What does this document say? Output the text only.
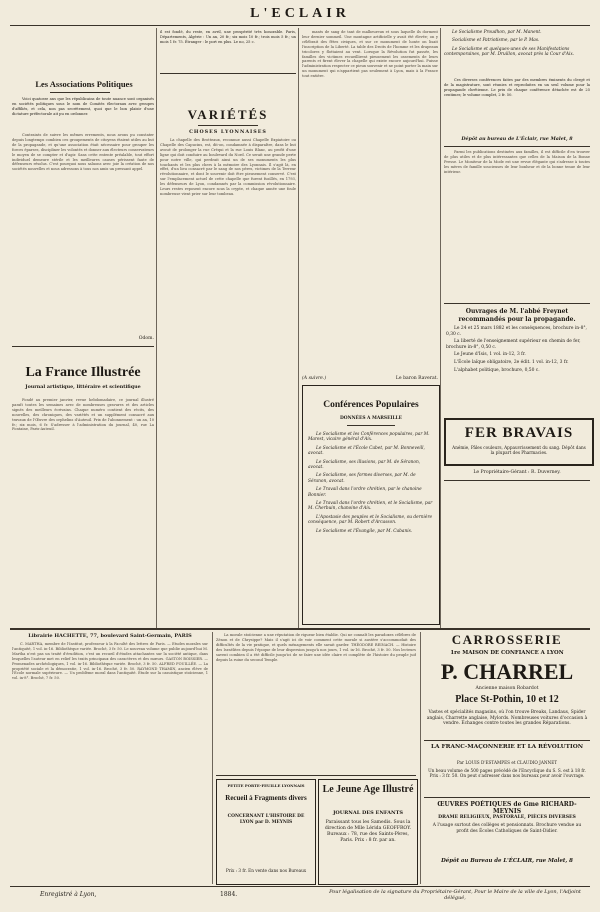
L'ECLAIR
Les Associations Politiques
Voici quatorze ans que les républicains de toute nuance sont organisés en sociétés politiques sous le nom de Comités électoraux avec groupes d'affiliés, et cela, non pas secrètement, quoi que le bon plaisir d'une dictature préfectorale ait pu en ordonner.
Contraints de suivre les mêmes errements, nous avons pu constater depuis longtemps combien ces groupements de citoyens étaient utiles au but de la propagande, et qu'une association était nécessaire pour grouper les forces éparses, discipliner les volontés et donner aux électeurs conservateurs le moyen de se compter et d'agir. Sans cette entente préalable, tout effort individuel demeure stérile et les meilleures causes périssent faute de défenseurs résolus. C'est pourquoi nous saluons avec joie la création de nos sociétés nouvelles et nous adressons à tous nos amis un pressant appel.
Odom.
La France Illustrée
Journal artistique, littéraire et scientifique
Fondé au premier janvier, revue hebdomadaire, ce journal illustré paraît toutes les semaines avec de nombreuses gravures et des articles signés des meilleurs écrivains. Chaque numéro contient des récits, des nouvelles, des chroniques, des variétés et un supplément consacré aux travaux de l'Œuvre des orphelins d'Auteuil. Prix de l'abonnement : un an, 10 fr.; six mois, 6 fr. S'adresser à l'administration du journal, 40, rue La Fontaine, Paris-Auteuil.
il est fondé, du reste, en avril, une prospérité très honorable. Paris, Départements, Algérie : Un an, 20 fr.; six mois 10 fr.; trois mois 5 fr.; un mois 1 fr. 75. Étranger : le port en plus. Le no, 25 c.
VARIÉTÉS
CHOSES LYONNAISES
La chapelle des Brotteaux, reconnue aussi Chapelle Expiatoire ou Chapelle des Capucins, est, dit-on, condamnée à disparaître, dans le but avoué de prolonger la rue Créqui et la rue Louis Blanc, au profit d'une ligne qui doit conduire au boulevard du Nord. Ce serait une grande perte pour notre ville, qui perdrait ainsi un de ses monuments les plus touchants et les plus chers à la mémoire des Lyonnais. Il s'agit là, en effet, d'un lieu consacré par le sang de nos pères, victimes de la Terreur révolutionnaire, et dont le souvenir doit être pieusement conservé. C'est sur l'emplacement actuel de cette chapelle que furent fusillés, en 1793, les défenseurs de Lyon, condamnés par la commission révolutionnaire. Leurs restes reposent encore sous la crypte, et chaque année une foule nombreuse vient prier sur leur tombeau.
mants de sang de tant de malheureux et sous laquelle ils dorment leur dernier sommeil. Une montagne artificielle y avait été élevée; on y célébrait des fêtes civiques, et sur ce monument de honte on lisait l'inscription de la Liberté. La table des Droits de l'homme et les drapeaux tricolores y flottaient au vent. Lorsque la Révolution fut passée, les familles des victimes recueillirent pieusement les ossements de leurs parents et firent élever la chapelle qui existe encore aujourd'hui. Puisse l'administration respecter ce pieux souvenir et ne point porter la main sur un monument qui n'appartient pas seulement à Lyon, mais à la France tout entière.
(A suivre.)	Le baron Raverat.
Conférences Populaires
DONNÉES A MARSEILLE
Le Socialisme et les Conférences populaires, par M. Marest, vicaire général d'Aix.
Le Socialisme et l'École Cabet, par M. Bonneveill, avocat.
Le Socialisme, ses illusions, par M. de Séranon, avocat.
Le Socialisme, ses formes diverses, par M. de Séranon, avocat.
Le Travail dans l'ordre chrétien, par le chanoine Bonnier.
Le Travail dans l'ordre chrétien, et le Socialisme, par M. Cherbuin, chanoine d'Aix.
L'Apostasie des peuples et le Socialisme, ou dernière conséquence, par M. Robert d'Arcasson.
Le Socialisme et l'Évangile, par M. Cabanis.
Le Socialisme Proudhon, par M. Manent.
Socialisme et Patriotisme, par le P. Mas.
Le Socialisme et quelques-unes de ses Manifestations contemporaines, par M. Druillon, avocat près la Cour d'Aix.
Ces diverses conférences faites par des membres éminents du clergé et de la magistrature, sont réunies et reproduites en un seul volume pour la propagande chrétienne. Le prix de chaque conférence détachée est de 25 centimes; le volume complet, 2 fr. 50.
Dépôt au bureau de L'Éclair, rue Malet, 8
Parmi les publications destinées aux familles, il est difficile d'en trouver de plus utiles et de plus intéressantes que celles de la Maison de la Bonne Presse. Le Moniteur de la Mode est une revue élégante qui s'adresse à toutes les mères de famille soucieuses de leur bonheur et de la bonne tenue de leur intérieur.
Ouvrages de M. l'abbé Freynet recommandés pour la propagande.
Le 24 et 25 mars 1882 et les conséquences, brochure in-8°, 0,30 c.
La liberté de l'enseignement supérieur en chemin de fer, brochure in-8°, 0,50 c.
Le Jeune d'Isis, 1 vol. in-12, 3 fr.
L'École laïque obligatoire, 2e édit. 1 vol. in-12, 3 fr.
L'alphabet politique, brochure, 0,50 c.
FER BRAVAIS
Anémie, Pâles couleurs, Appauvrissement du sang. Dépôt dans la plupart des Pharmacies.
Le Propriétaire-Gérant : R. Duverney.
Librairie HACHETTE, 77, boulevard Saint-Germain, PARIS
C. MARTHA, membre de l'Institut, professeur à la Faculté des lettres de Paris. — Études morales sur l'antiquité, 1 vol. in-16. Bibliothèque variée. Broché, 3 fr. 50. Le nouveau volume que publie aujourd'hui M. Martha n'est pas un traité d'érudition, c'est un recueil d'études attachantes sur la société antique, dans lesquelles l'auteur met en relief les traits principaux des caractères et des mœurs. GASTON BOISSIER. — Promenades archéologiques, 1 vol. in-16. Bibliothèque variée. Broché, 3 fr. 50. ALFRED FOUILLÉE. — La propriété sociale et la démocratie, 1 vol. in-16. Broché, 3 fr. 50. RAYMOND THAMIN, ancien élève de l'École normale supérieure. — Un problème moral dans l'antiquité. Étude sur la casuistique stoïcienne, 1 vol. in-8°. Broché, 7 fr. 50.
La morale stoïcienne a une réputation de rigueur bien établie. Qui ne connaît les paradoxes célèbres de Zénon et de Chrysippe? Mais il s'agit ici de voir comment cette morale si austère s'accommodait des difficultés de la vie pratique, et quels ménagements elle savait garder. THÉODORE REINACH. — Histoire des Israélites depuis l'époque de leur dispersion jusqu'à nos jours, 1 vol. in-16. Broché, 3 fr. 50. Nos lecteurs savent combien il a été difficile jusqu'ici de se faire une idée claire et complète de l'histoire du peuple juif depuis la ruine du second Temple.
PETITE PORTE-FEUILLE LYONNAIS
Recueil à Fragments divers
CONCERNANT L'HISTOIRE DE LYON par D. MEYNIS
Prix : 3 fr. En vente dans nos Bureaux
Le Jeune Age Illustré
JOURNAL DES ENFANTS
Paraissant tous les Samedis. Sous la direction de Mlle Lérida GEOFFROY. Bureaux : 78, rue des Saints-Pères, Paris. Prix : 8 fr. par an.
CARROSSERIE
1re MAISON DE CONFIANCE A LYON
P. CHARREL
Ancienne maison Robardot
Place St-Pothin, 10 et 12
Vastes et spécialités magasins, où l'on trouve Breaks, Landaus, Spider anglais, Charrette anglaise, Mylords. Nombreuses voitures d'occasion à vendre. Échanges contre toutes les grandes Réparations.
LA FRANC-MAÇONNERIE ET LA RÉVOLUTION
Par LOUIS D'ESTAMPES et CLAUDIO JANNET
Un beau volume de 500 pages précédé de l'Encyclique du S. S. est à 18 fr. Prix : 3 fr. 50. On peut s'adresser dans nos bureaux pour avoir l'ouvrage.
ŒUVRES POÉTIQUES de Gme RICHARD-MEYNIS
DRAME RELIGIEUX, PASTORALE, PIÈCES DIVERSES
A l'usage surtout des collèges et pensionnats. Brochure vendue au profit des Écoles Catholiques de Saint-Didier.
Dépôt au Bureau de L'ÉCLAIR, rue Malet, 8
Enregistré à Lyon,	1884.	Pour légalisation de la signature du Propriétaire-Gérant, Pour le Maire de la ville de Lyon, l'Adjoint délégué,
